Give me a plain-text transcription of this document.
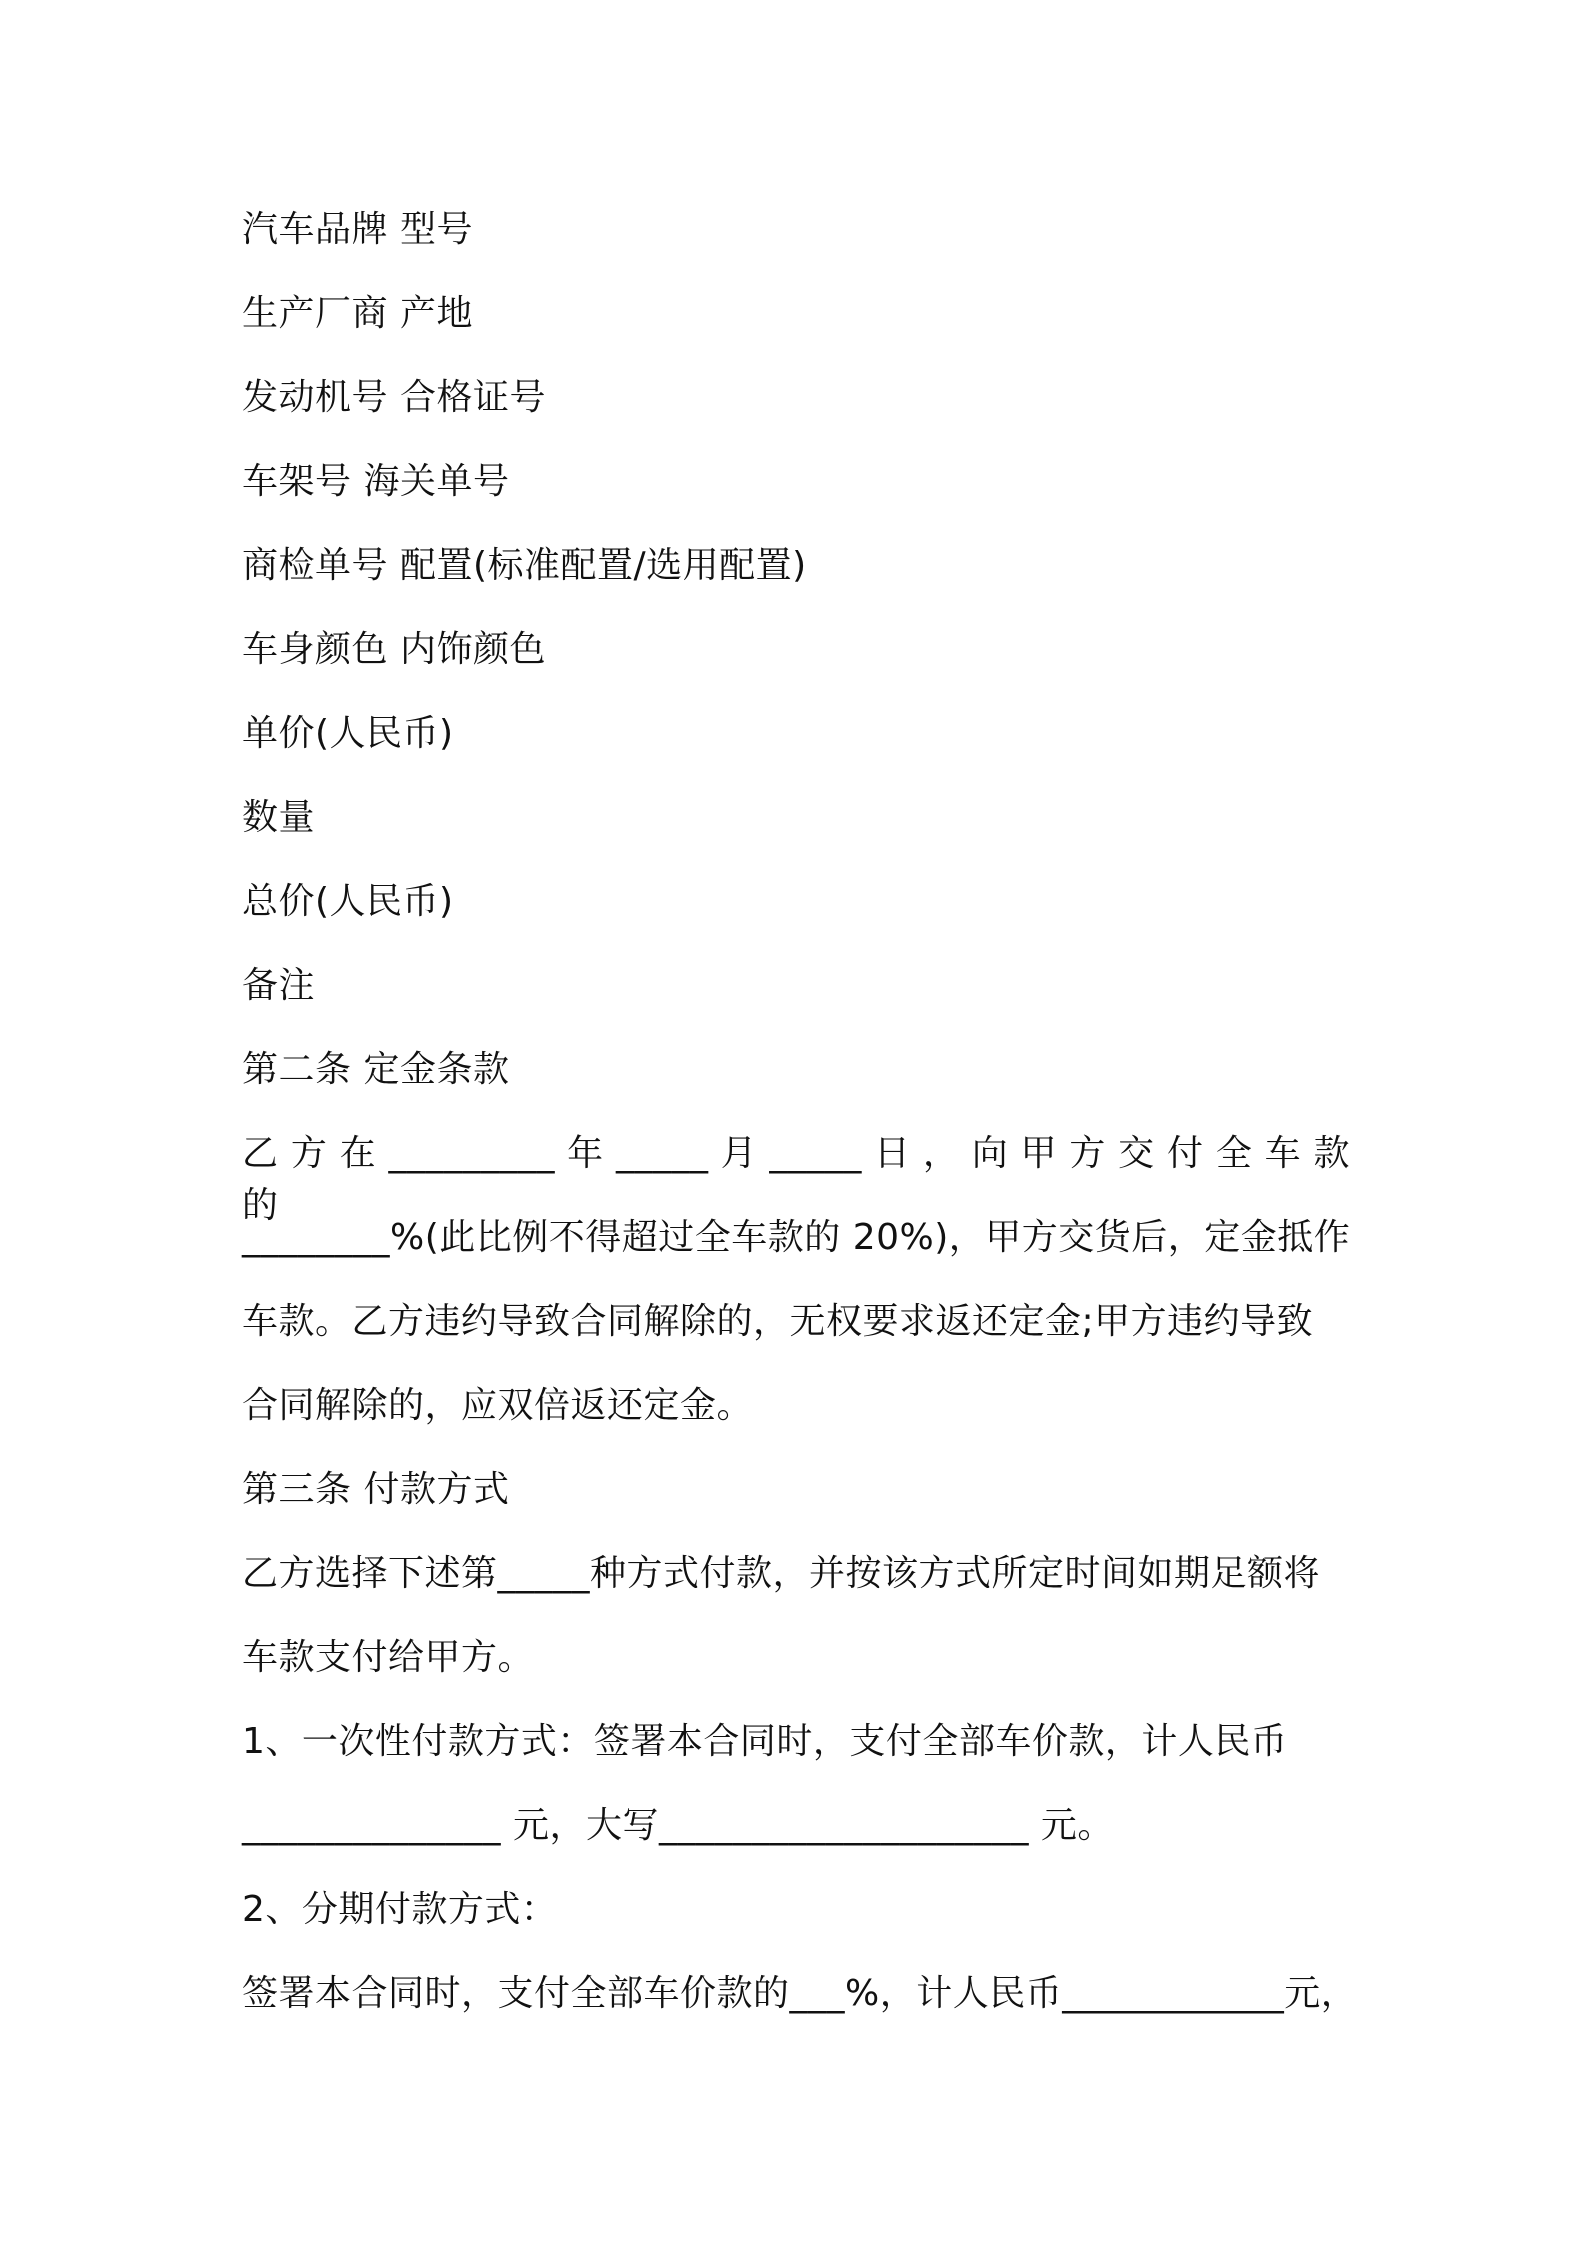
汽车品牌 型号
生产厂商 产地
发动机号 合格证号
车架号 海关单号
商检单号 配置(标准配置/选用配置)
车身颜色 内饰颜色
单价(人民币)
数量
总价(人民币)
备注
第二条 定金条款
乙 方 在 _________ 年 _____ 月 _____ 日 ， 向 甲 方 交 付 全 车 款 的
________%(此比例不得超过全车款的 20%)，甲方交货后，定金抵作
车款。乙方违约导致合同解除的，无权要求返还定金;甲方违约导致
合同解除的，应双倍返还定金。
第三条 付款方式
乙方选择下述第_____种方式付款，并按该方式所定时间如期足额将
车款支付给甲方。
1、一次性付款方式：签署本合同时，支付全部车价款，计人民币
______________ 元，大写____________________ 元。
2、分期付款方式：
签署本合同时，支付全部车价款的___%，计人民币____________元，
